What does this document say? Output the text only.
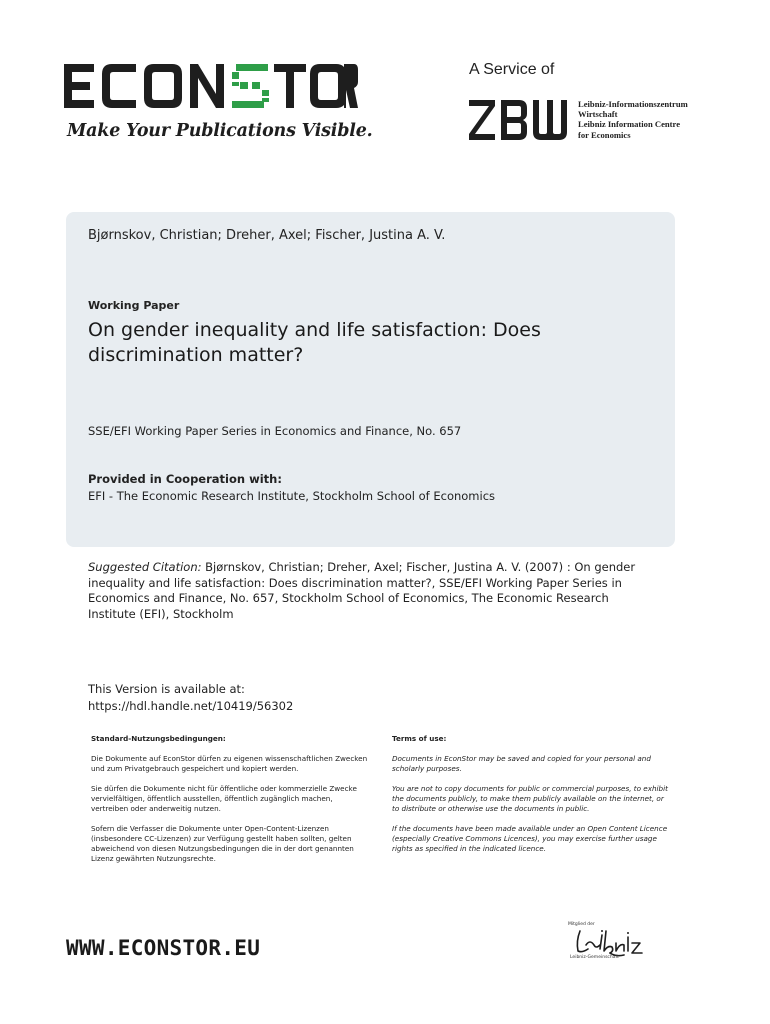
Make Your Publications Visible.
A Service of
Leibniz-Informationszentrum
Wirtschaft
Leibniz Information Centre
for Economics
Bjørnskov, Christian; Dreher, Axel; Fischer, Justina A. V.
Working Paper
On gender inequality and life satisfaction: Does discrimination matter?
SSE/EFI Working Paper Series in Economics and Finance, No. 657
Provided in Cooperation with:
EFI - The Economic Research Institute, Stockholm School of Economics
Suggested Citation: Bjørnskov, Christian; Dreher, Axel; Fischer, Justina A. V. (2007) : On gender inequality and life satisfaction: Does discrimination matter?, SSE/EFI Working Paper Series in Economics and Finance, No. 657, Stockholm School of Economics, The Economic Research Institute (EFI), Stockholm
This Version is available at:
https://hdl.handle.net/10419/56302
Standard-Nutzungsbedingungen:

Die Dokumente auf EconStor dürfen zu eigenen wissenschaftlichen Zwecken und zum Privatgebrauch gespeichert und kopiert werden.

Sie dürfen die Dokumente nicht für öffentliche oder kommerzielle Zwecke vervielfältigen, öffentlich ausstellen, öffentlich zugänglich machen, vertreiben oder anderweitig nutzen.

Sofern die Verfasser die Dokumente unter Open-Content-Lizenzen (insbesondere CC-Lizenzen) zur Verfügung gestellt haben sollten, gelten abweichend von diesen Nutzungsbedingungen die in der dort genannten Lizenz gewährten Nutzungsrechte.

Terms of use:

Documents in EconStor may be saved and copied for your personal and scholarly purposes.

You are not to copy documents for public or commercial purposes, to exhibit the documents publicly, to make them publicly available on the internet, or to distribute or otherwise use the documents in public.

If the documents have been made available under an Open Content Licence (especially Creative Commons Licences), you may exercise further usage rights as specified in the indicated licence.

WWW.ECONSTOR.EU
Mitglied der
Leibniz-Gemeinschaft
